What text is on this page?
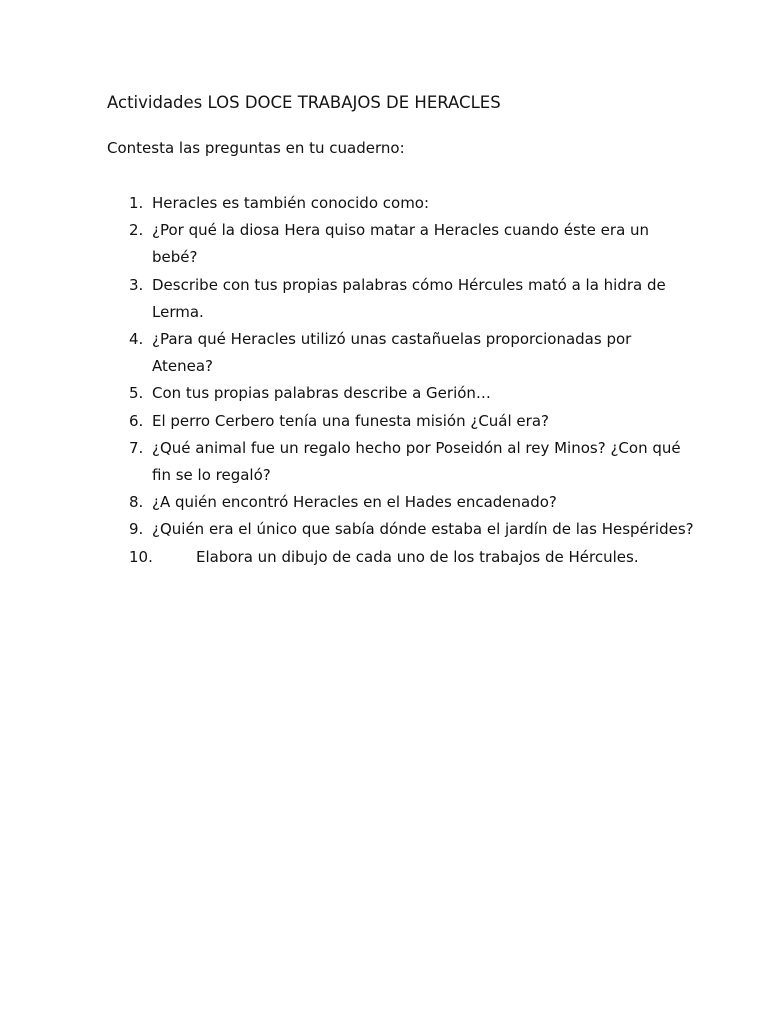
Actividades LOS DOCE TRABAJOS DE HERACLES
Contesta las preguntas en tu cuaderno:
1. Heracles es también conocido como:
2. ¿Por qué la diosa Hera quiso matar a Heracles cuando éste era un bebé?
3. Describe con tus propias palabras cómo Hércules mató a la hidra de Lerma.
4. ¿Para qué Heracles utilizó unas castañuelas proporcionadas por Atenea?
5. Con tus propias palabras describe a Gerión…
6. El perro Cerbero tenía una funesta misión ¿Cuál era?
7. ¿Qué animal fue un regalo hecho por Poseidón al rey Minos? ¿Con qué fin se lo regaló?
8. ¿A quién encontró Heracles en el Hades encadenado?
9. ¿Quién era el único que sabía dónde estaba el jardín de las Hespérides?
10.	Elabora un dibujo de cada uno de los trabajos de Hércules.
